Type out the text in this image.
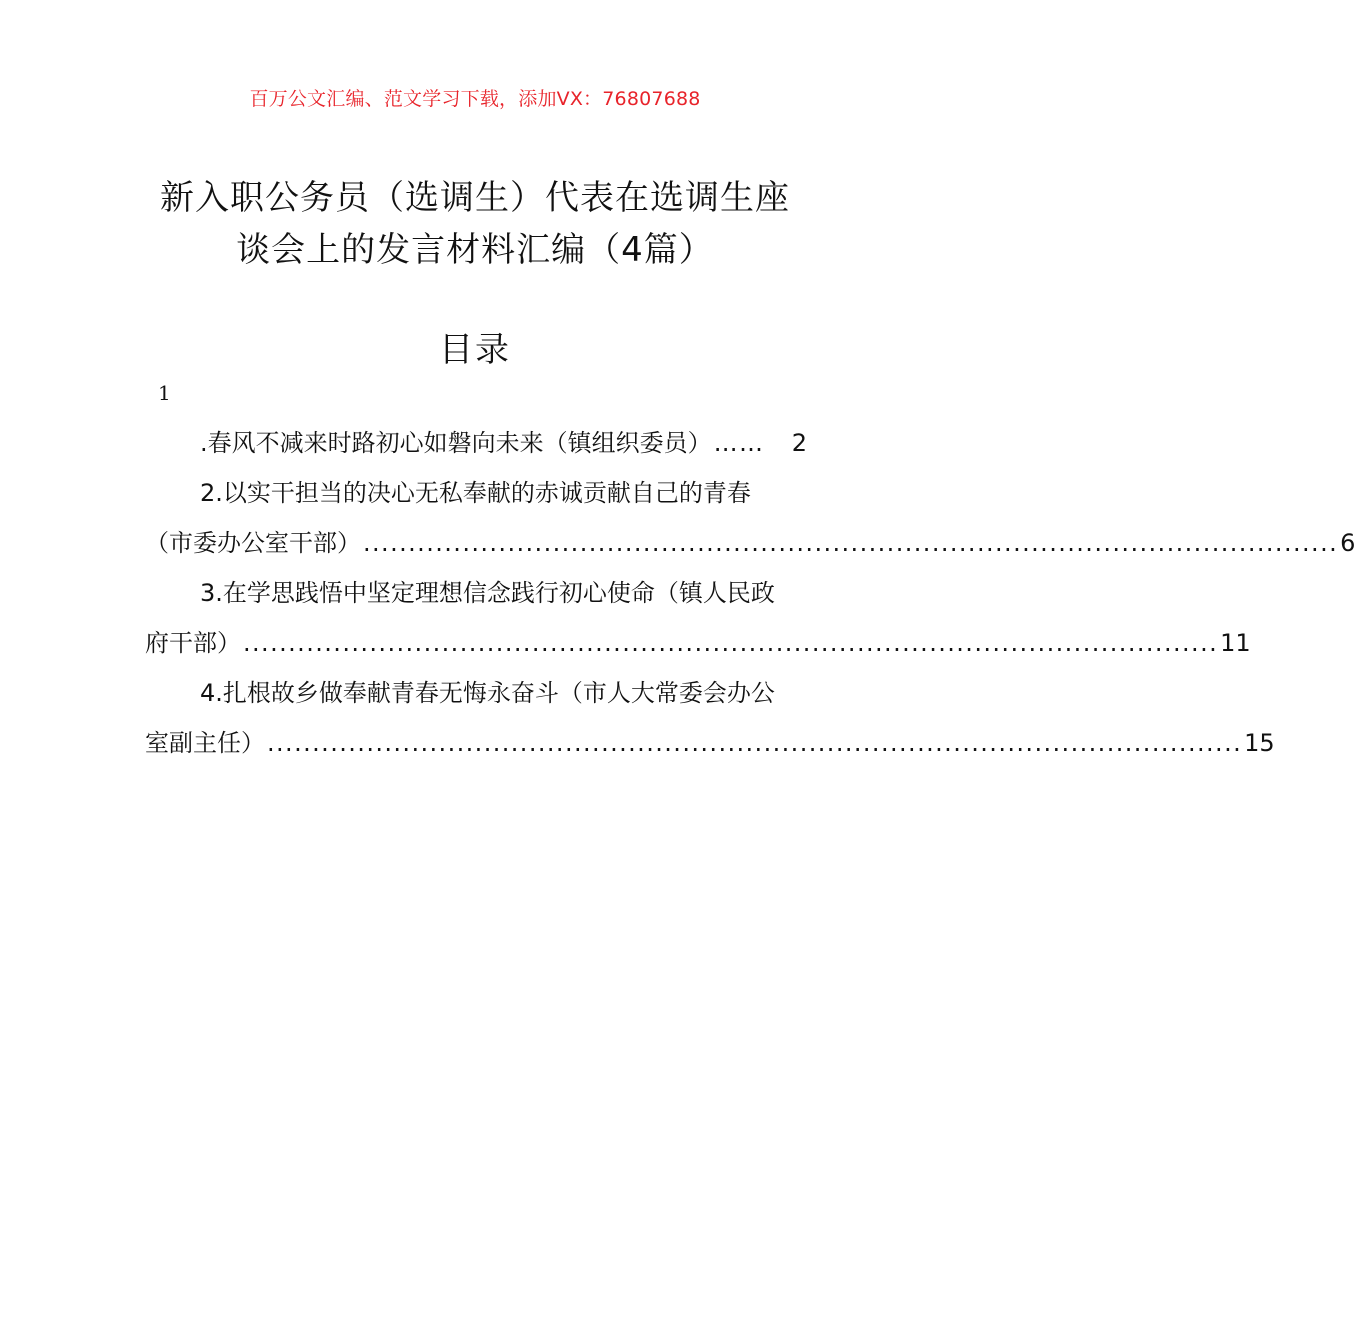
百万公文汇编、范文学习下载，添加VX：76807688
新入职公务员（选调生）代表在选调生座
谈会上的发言材料汇编（4篇）
目录
1
.春风不减来时路初心如磐向未来（镇组织委员） ……	2
2.以实干担当的决心无私奉献的赤诚贡献自己的青春
（市委办公室干部） ............................................................................................................ 6
3.在学思践悟中坚定理想信念践行初心使命（镇人民政
府干部） ............................................................................................................ 11
4.扎根故乡做奉献青春无悔永奋斗（市人大常委会办公
室副主任） ............................................................................................................ 15
